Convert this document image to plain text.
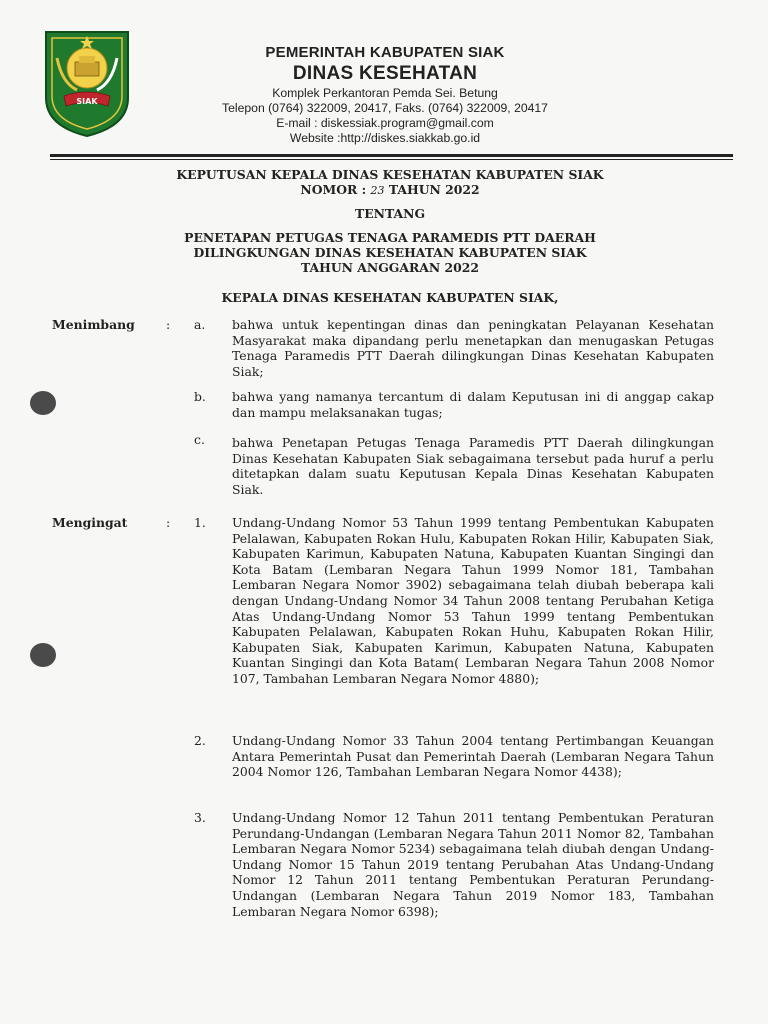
SIAK
PEMERINTAH KABUPATEN SIAK
DINAS KESEHATAN
Komplek Perkantoran Pemda Sei. Betung
Telepon (0764) 322009, 20417, Faks. (0764) 322009, 20417
E-mail : diskessiak.program@gmail.com
Website :http://diskes.siakkab.go.id
KEPUTUSAN KEPALA DINAS KESEHATAN KABUPATEN SIAK
NOMOR : 23 TAHUN 2022
TENTANG
PENETAPAN PETUGAS TENAGA PARAMEDIS PTT DAERAH
DILINGKUNGAN DINAS KESEHATAN KABUPATEN SIAK
TAHUN ANGGARAN 2022
KEPALA DINAS KESEHATAN KABUPATEN SIAK,
Menimbang	: a. bahwa untuk kepentingan dinas dan peningkatan Pelayanan Kesehatan Masyarakat maka dipandang perlu menetapkan dan menugaskan Petugas Tenaga Paramedis PTT Daerah dilingkungan Dinas Kesehatan Kabupaten Siak;
b. bahwa yang namanya tercantum di dalam Keputusan ini di anggap cakap dan mampu melaksanakan tugas;
c. bahwa Penetapan Petugas Tenaga Paramedis PTT Daerah dilingkungan Dinas Kesehatan Kabupaten Siak sebagaimana tersebut pada huruf a perlu ditetapkan dalam suatu Keputusan Kepala Dinas Kesehatan Kabupaten Siak.
Mengingat	: 1. Undang-Undang Nomor 53 Tahun 1999 tentang Pembentukan Kabupaten Pelalawan, Kabupaten Rokan Hulu, Kabupaten Rokan Hilir, Kabupaten Siak, Kabupaten Karimun, Kabupaten Natuna, Kabupaten Kuantan Singingi dan Kota Batam (Lembaran Negara Tahun 1999 Nomor 181, Tambahan Lembaran Negara Nomor 3902) sebagaimana telah diubah beberapa kali dengan Undang-Undang Nomor 34 Tahun 2008 tentang Perubahan Ketiga Atas Undang-Undang Nomor 53 Tahun 1999 tentang Pembentukan Kabupaten Pelalawan, Kabupaten Rokan Huhu, Kabupaten Rokan Hilir, Kabupaten Siak, Kabupaten Karimun, Kabupaten Natuna, Kabupaten Kuantan Singingi dan Kota Batam( Lembaran Negara Tahun 2008 Nomor 107, Tambahan Lembaran Negara Nomor 4880);
2. Undang-Undang Nomor 33 Tahun 2004 tentang Pertimbangan Keuangan Antara Pemerintah Pusat dan Pemerintah Daerah (Lembaran Negara Tahun 2004 Nomor 126, Tambahan Lembaran Negara Nomor 4438);
3. Undang-Undang Nomor 12 Tahun 2011 tentang Pembentukan Peraturan Perundang-Undangan (Lembaran Negara Tahun 2011 Nomor 82, Tambahan Lembaran Negara Nomor 5234) sebagaimana telah diubah dengan Undang-Undang Nomor 15 Tahun 2019 tentang Perubahan Atas Undang-Undang Nomor 12 Tahun 2011 tentang Pembentukan Peraturan Perundang-Undangan (Lembaran Negara Tahun 2019 Nomor 183, Tambahan Lembaran Negara Nomor 6398);
